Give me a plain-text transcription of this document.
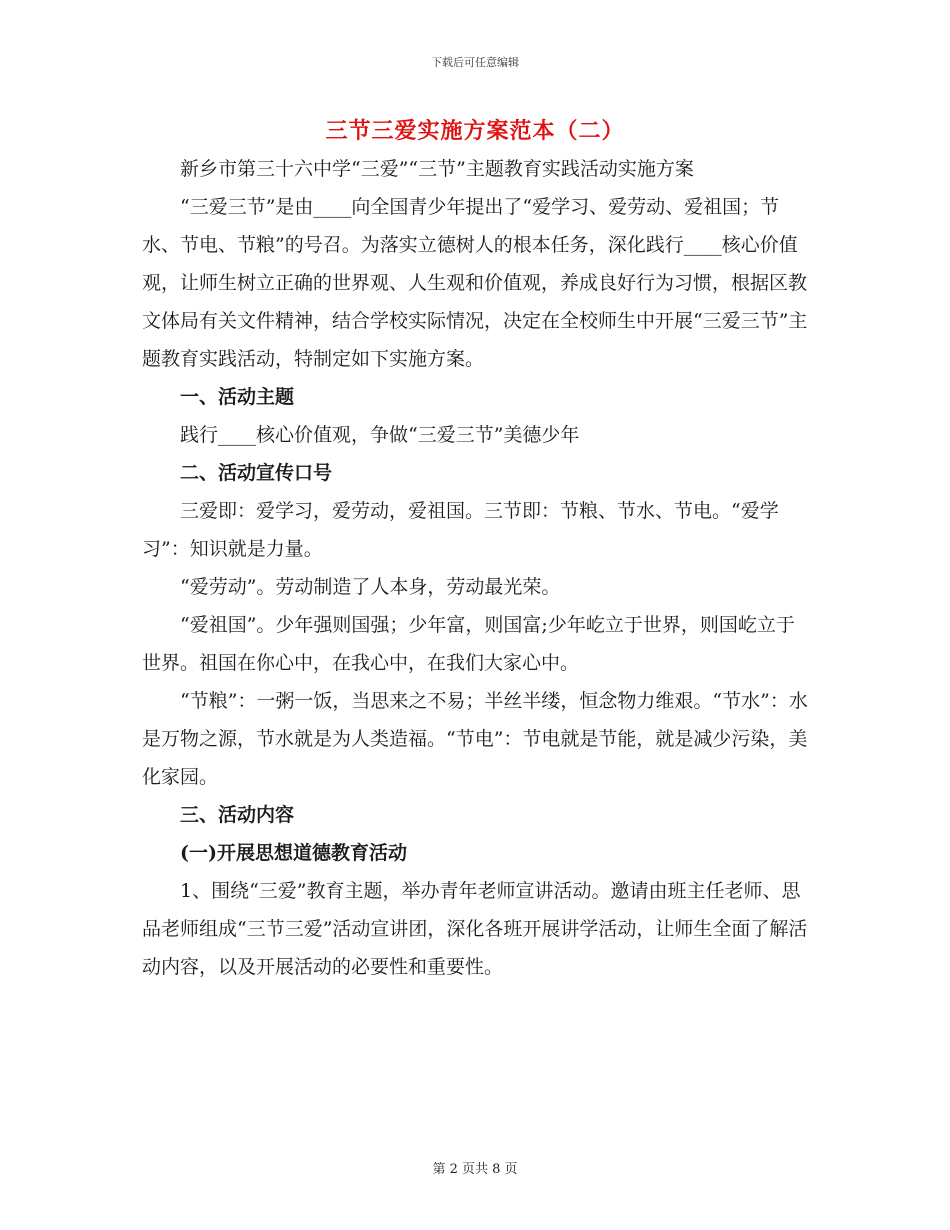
下载后可任意编辑
三节三爱实施方案范本（二）

新乡市第三十六中学“三爱”“三节”主题教育实践活动实施方案

“三爱三节”是由____向全国青少年提出了“爱学习、爱劳动、爱祖国；节水、节电、节粮”的号召。为落实立德树人的根本任务，深化践行____核心价值观，让师生树立正确的世界观、人生观和价值观，养成良好行为习惯，根据区教文体局有关文件精神，结合学校实际情况，决定在全校师生中开展“三爱三节”主题教育实践活动，特制定如下实施方案。

一、活动主题

践行____核心价值观，争做“三爱三节”美德少年

二、活动宣传口号

三爱即：爱学习，爱劳动，爱祖国。三节即：节粮、节水、节电。“爱学习”：知识就是力量。

“爱劳动”。劳动制造了人本身，劳动最光荣。

“爱祖国”。少年强则国强；少年富，则国富;少年屹立于世界，则国屹立于世界。祖国在你心中，在我心中，在我们大家心中。

“节粮”：一粥一饭，当思来之不易；半丝半缕，恒念物力维艰。“节水”：水是万物之源，节水就是为人类造福。“节电”：节电就是节能，就是减少污染，美化家园。

三、活动内容

(一)开展思想道德教育活动

1、围绕“三爱”教育主题，举办青年老师宣讲活动。邀请由班主任老师、思品老师组成“三节三爱”活动宣讲团，深化各班开展讲学活动，让师生全面了解活动内容，以及开展活动的必要性和重要性。

第 2 页共 8 页
